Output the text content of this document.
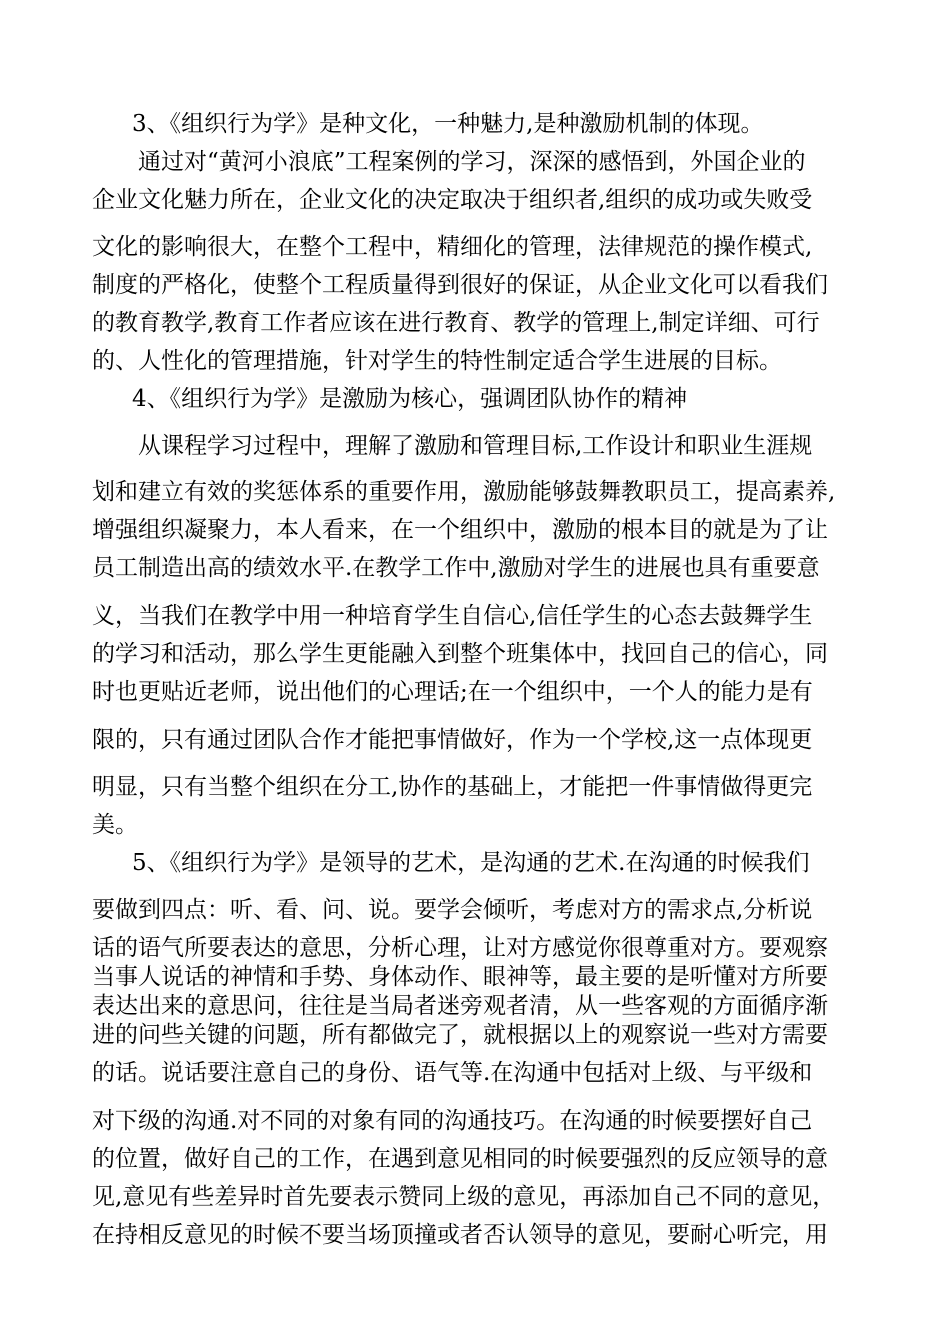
3、《组织行为学》是种文化，一种魅力,是种激励机制的体现。
通过对“黄河小浪底”工程案例的学习，深深的感悟到，外国企业的
企业文化魅力所在，企业文化的决定取决于组织者,组织的成功或失败受
文化的影响很大，在整个工程中，精细化的管理，法律规范的操作模式,
制度的严格化，使整个工程质量得到很好的保证，从企业文化可以看我们
的教育教学,教育工作者应该在进行教育、教学的管理上,制定详细、可行
的、人性化的管理措施，针对学生的特性制定适合学生进展的目标。
4、《组织行为学》是激励为核心，强调团队协作的精神
从课程学习过程中，理解了激励和管理目标,工作设计和职业生涯规
划和建立有效的奖惩体系的重要作用，激励能够鼓舞教职员工，提高素养,
增强组织凝聚力，本人看来，在一个组织中，激励的根本目的就是为了让
员工制造出高的绩效水平.在教学工作中,激励对学生的进展也具有重要意
义，当我们在教学中用一种培育学生自信心,信任学生的心态去鼓舞学生
的学习和活动，那么学生更能融入到整个班集体中，找回自己的信心，同
时也更贴近老师，说出他们的心理话;在一个组织中，一个人的能力是有
限的，只有通过团队合作才能把事情做好，作为一个学校,这一点体现更
明显，只有当整个组织在分工,协作的基础上，才能把一件事情做得更完
美。
5、《组织行为学》是领导的艺术，是沟通的艺术.在沟通的时候我们
要做到四点：听、看、问、说。要学会倾听，考虑对方的需求点,分析说
话的语气所要表达的意思，分析心理，让对方感觉你很尊重对方。要观察
当事人说话的神情和手势、身体动作、眼神等，最主要的是听懂对方所要
表达出来的意思问，往往是当局者迷旁观者清，从一些客观的方面循序渐
进的问些关键的问题，所有都做完了，就根据以上的观察说一些对方需要
的话。说话要注意自己的身份、语气等.在沟通中包括对上级、与平级和
对下级的沟通.对不同的对象有同的沟通技巧。在沟通的时候要摆好自己
的位置，做好自己的工作，在遇到意见相同的时候要强烈的反应领导的意
见,意见有些差异时首先要表示赞同上级的意见，再添加自己不同的意见，
在持相反意见的时候不要当场顶撞或者否认领导的意见，要耐心听完，用
